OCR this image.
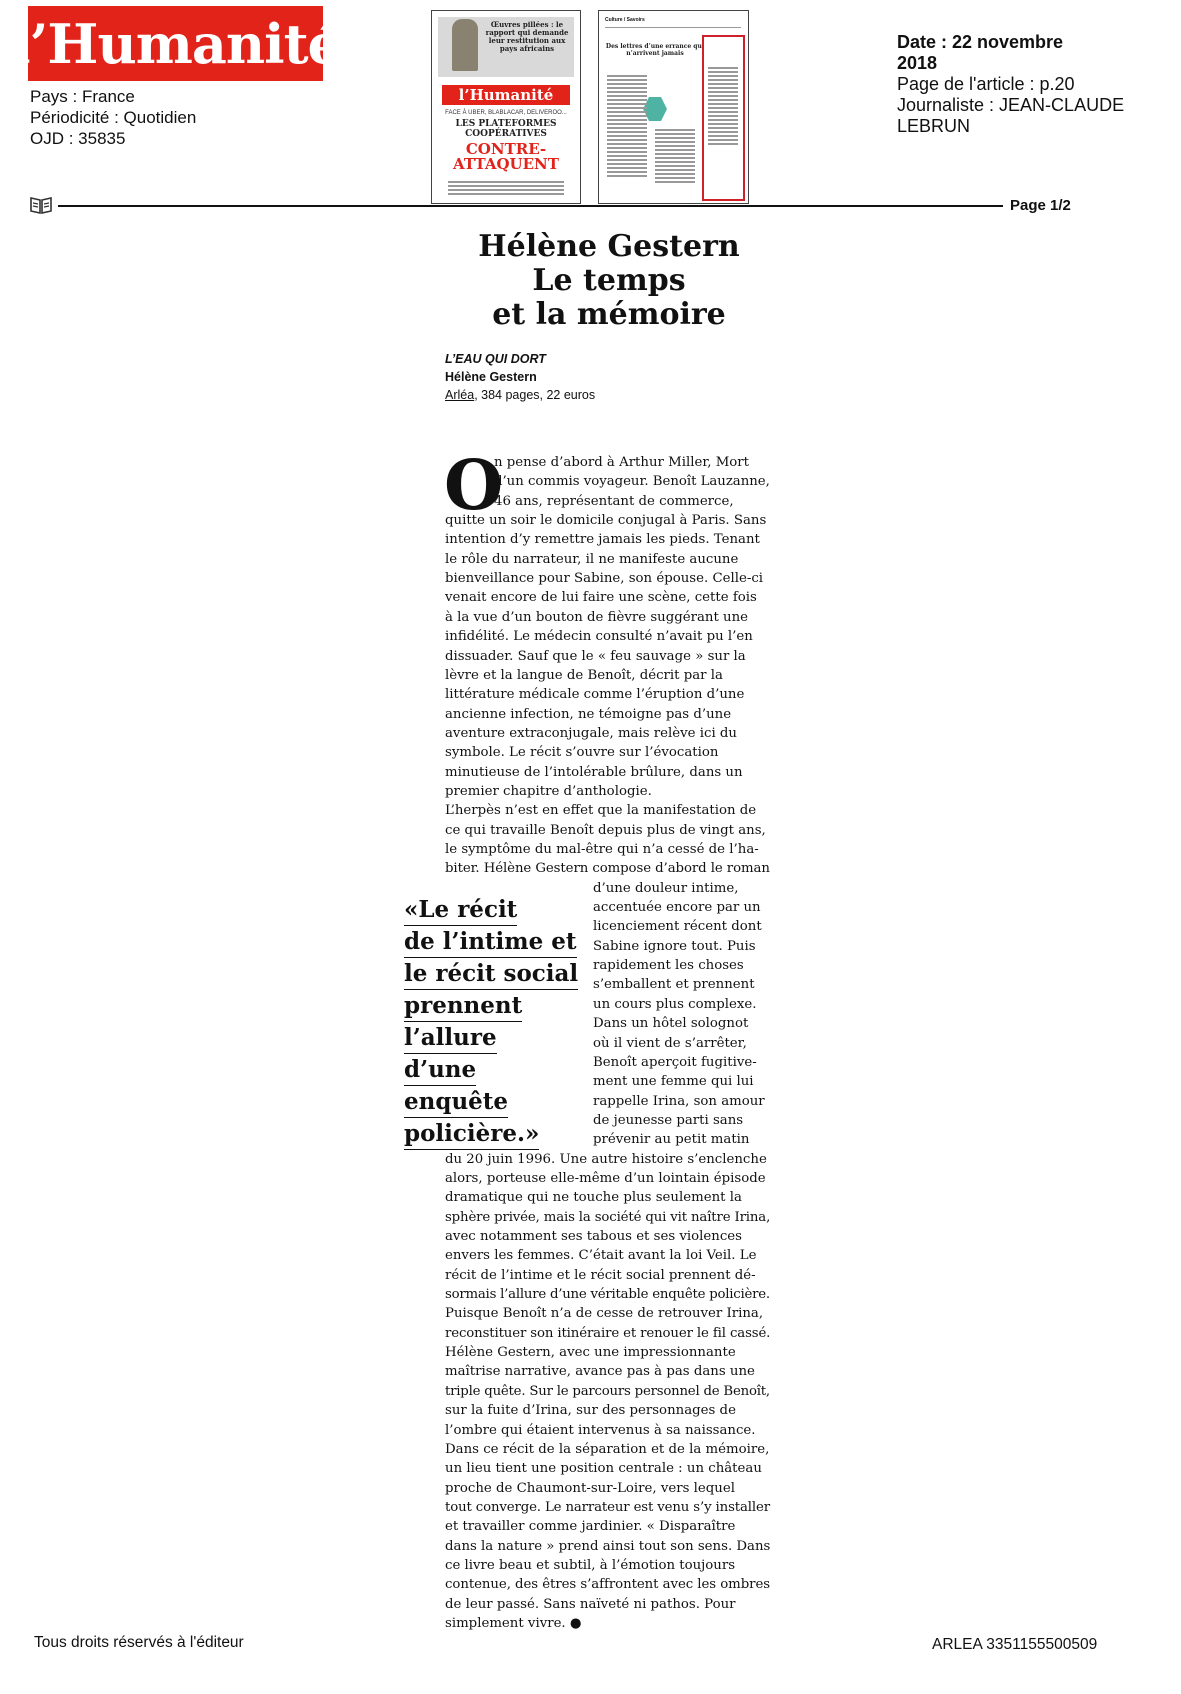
l’Humanité
Pays : France
Périodicité : Quotidien
OJD : 35835
Œuvres pillées : le rapport qui demande leur restitution aux pays africains
l’Humanité
FACE À UBER, BLABLACAR, DELIVEROO...
LES PLATEFORMES COOPÉRATIVES
CONTRE-ATTAQUENT
Culture / Savoirs
Des lettres d’une errance qui n’arrivent jamais
Date : 22 novembre
2018
Page de l'article : p.20
Journaliste : JEAN-CLAUDE
LEBRUN
Page 1/2
Hélène Gestern
Le temps
et la mémoire
L’EAU QUI DORT
Hélène Gestern
Arléa, 384 pages, 22 euros
O
n pense d’abord à Arthur Miller, Mort
d’un commis voyageur. Benoît Lauzanne,
46 ans, représentant de commerce,
quitte un soir le domicile conjugal à Paris. Sans
intention d’y remettre jamais les pieds. Tenant
le rôle du narrateur, il ne manifeste aucune
bienveillance pour Sabine, son épouse. Celle-ci
venait encore de lui faire une scène, cette fois
à la vue d’un bouton de fièvre suggérant une
infidélité. Le médecin consulté n’avait pu l’en
dissuader. Sauf que le « feu sauvage » sur la
lèvre et la langue de Benoît, décrit par la
littérature médicale comme l’éruption d’une
ancienne infection, ne témoigne pas d’une
aventure extraconjugale, mais relève ici du
symbole. Le récit s’ouvre sur l’évocation
minutieuse de l’intolérable brûlure, dans un
premier chapitre d’anthologie.
L’herpès n’est en effet que la manifestation de
ce qui travaille Benoît depuis plus de vingt ans,
le symptôme du mal-être qui n’a cessé de l’ha-
biter. Hélène Gestern compose d’abord le roman
d’une douleur intime,
accentuée encore par un
licenciement récent dont
Sabine ignore tout. Puis
rapidement les choses
s’emballent et prennent
un cours plus complexe.
Dans un hôtel solognot
où il vient de s’arrêter,
Benoît aperçoit fugitive-
ment une femme qui lui
rappelle Irina, son amour
de jeunesse parti sans
prévenir au petit matin
du 20 juin 1996. Une autre histoire s’enclenche
alors, porteuse elle-même d’un lointain épisode
dramatique qui ne touche plus seulement la
sphère privée, mais la société qui vit naître Irina,
avec notamment ses tabous et ses violences
envers les femmes. C’était avant la loi Veil. Le
récit de l’intime et le récit social prennent dé-
sormais l’allure d’une véritable enquête policière.
Puisque Benoît n’a de cesse de retrouver Irina,
reconstituer son itinéraire et renouer le fil cassé.
Hélène Gestern, avec une impressionnante
maîtrise narrative, avance pas à pas dans une
triple quête. Sur le parcours personnel de Benoît,
sur la fuite d’Irina, sur des personnages de
l’ombre qui étaient intervenus à sa naissance.
Dans ce récit de la séparation et de la mémoire,
un lieu tient une position centrale : un château
proche de Chaumont-sur-Loire, vers lequel
tout converge. Le narrateur est venu s’y installer
et travailler comme jardinier. « Disparaître
dans la nature » prend ainsi tout son sens. Dans
ce livre beau et subtil, à l’émotion toujours
contenue, des êtres s’affrontent avec les ombres
de leur passé. Sans naïveté ni pathos. Pour
simplement vivre. ●
«Le récit
de l’intime et
le récit social
prennent
l’allure
d’une enquête
policière.»
Tous droits réservés à l'éditeur	ARLEA 3351155500509
